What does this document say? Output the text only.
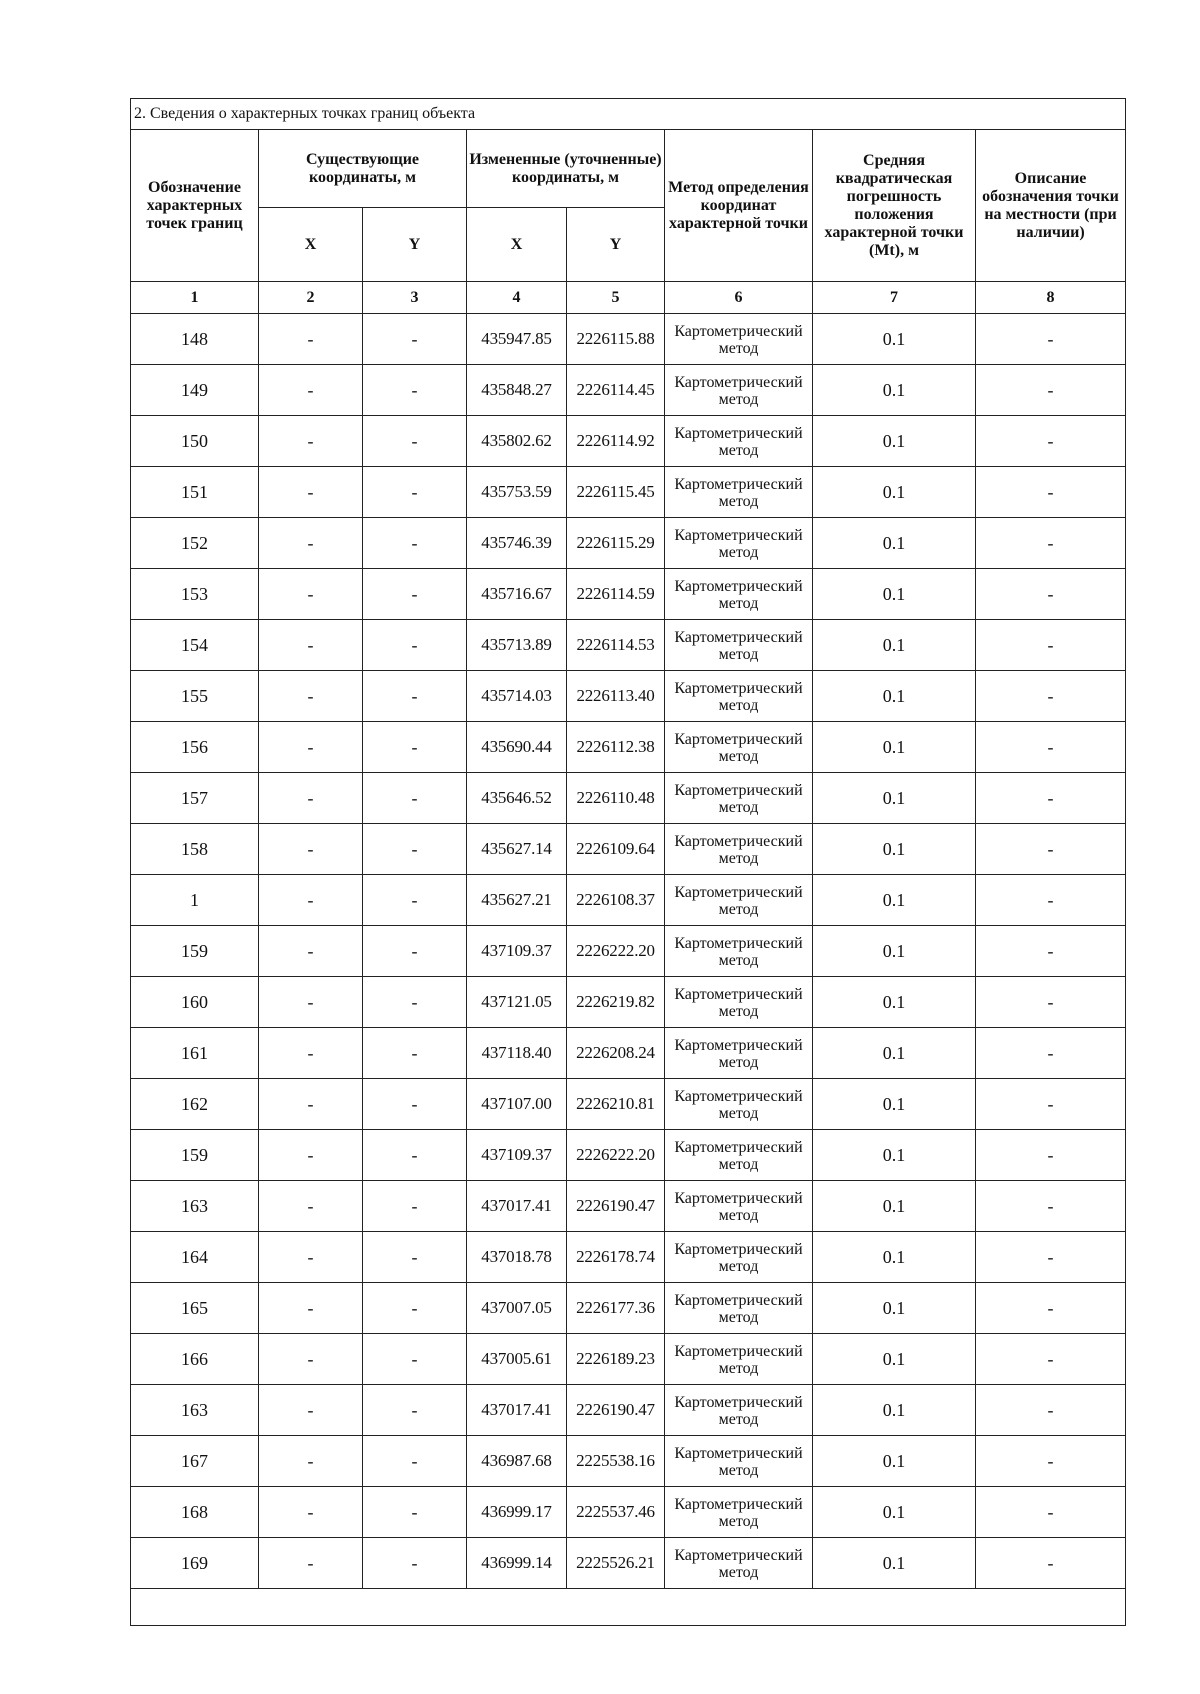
2. Сведения о характерных точках границ объекта							
Обозначение характерных точек границ	Существующие координаты, м		Измененные (уточненные) координаты, м		Метод определения координат характерной точки	Средняя квадратическая погрешность положения характерной точки (Mt), м	Описание обозначения точки на местности (при наличии)
	X	Y	X	Y			
1	2	3	4	5	6	7	8
148	-	-	435947.85	2226115.88	Картометрический метод	0.1	-
149	-	-	435848.27	2226114.45	Картометрический метод	0.1	-
150	-	-	435802.62	2226114.92	Картометрический метод	0.1	-
151	-	-	435753.59	2226115.45	Картометрический метод	0.1	-
152	-	-	435746.39	2226115.29	Картометрический метод	0.1	-
153	-	-	435716.67	2226114.59	Картометрический метод	0.1	-
154	-	-	435713.89	2226114.53	Картометрический метод	0.1	-
155	-	-	435714.03	2226113.40	Картометрический метод	0.1	-
156	-	-	435690.44	2226112.38	Картометрический метод	0.1	-
157	-	-	435646.52	2226110.48	Картометрический метод	0.1	-
158	-	-	435627.14	2226109.64	Картометрический метод	0.1	-
1	-	-	435627.21	2226108.37	Картометрический метод	0.1	-
159	-	-	437109.37	2226222.20	Картометрический метод	0.1	-
160	-	-	437121.05	2226219.82	Картометрический метод	0.1	-
161	-	-	437118.40	2226208.24	Картометрический метод	0.1	-
162	-	-	437107.00	2226210.81	Картометрический метод	0.1	-
159	-	-	437109.37	2226222.20	Картометрический метод	0.1	-
163	-	-	437017.41	2226190.47	Картометрический метод	0.1	-
164	-	-	437018.78	2226178.74	Картометрический метод	0.1	-
165	-	-	437007.05	2226177.36	Картометрический метод	0.1	-
166	-	-	437005.61	2226189.23	Картометрический метод	0.1	-
163	-	-	437017.41	2226190.47	Картометрический метод	0.1	-
167	-	-	436987.68	2225538.16	Картометрический метод	0.1	-
168	-	-	436999.17	2225537.46	Картометрический метод	0.1	-
169	-	-	436999.14	2225526.21	Картометрический метод	0.1	-
